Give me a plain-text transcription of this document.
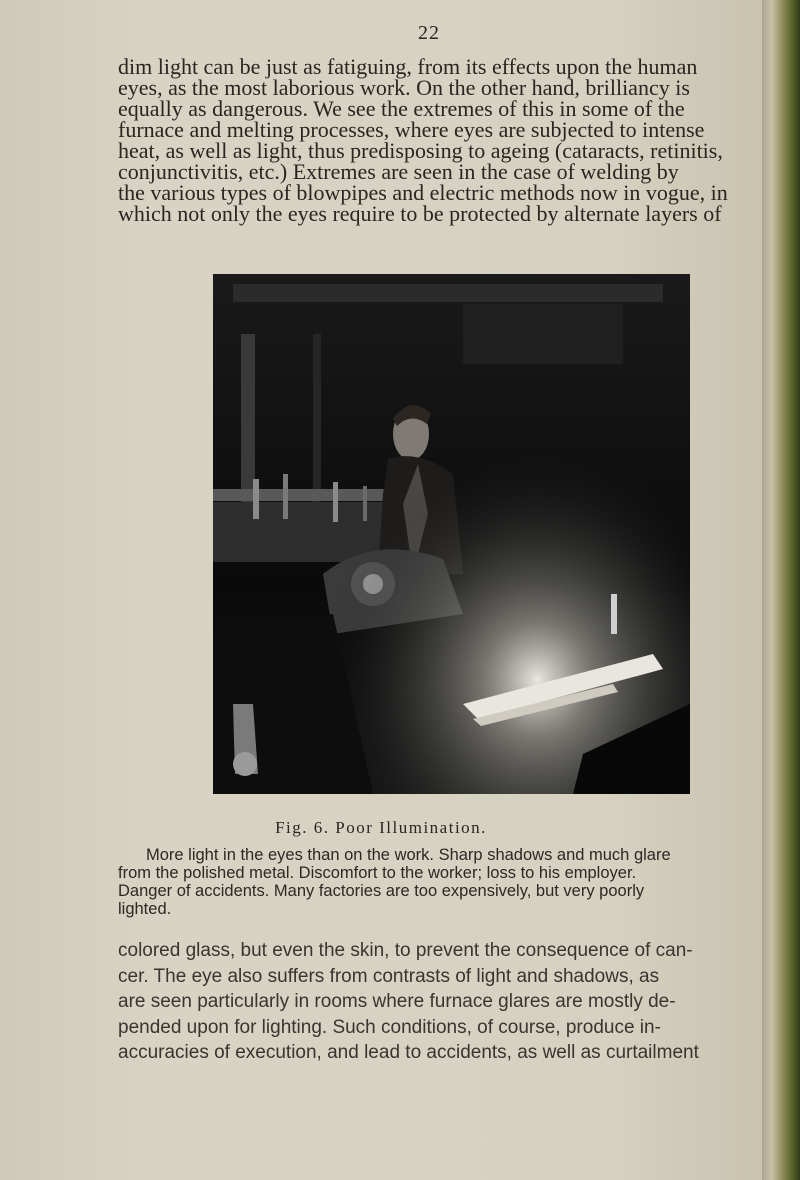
22
dim light can be just as fatiguing, from its effects upon the human
eyes, as the most laborious work. On the other hand, brilliancy is
equally as dangerous. We see the extremes of this in some of the
furnace and melting processes, where eyes are subjected to intense
heat, as well as light, thus predisposing to ageing (cataracts, retinitis,
conjunctivitis, etc.) Extremes are seen in the case of welding by
the various types of blowpipes and electric methods now in vogue, in
which not only the eyes require to be protected by alternate layers of
Fig. 6. Poor Illumination.
More light in the eyes than on the work. Sharp shadows and much glare
from the polished metal. Discomfort to the worker; loss to his employer.
Danger of accidents. Many factories are too expensively, but very poorly
lighted.
colored glass, but even the skin, to prevent the consequence of can-
cer. The eye also suffers from contrasts of light and shadows, as
are seen particularly in rooms where furnace glares are mostly de-
pended upon for lighting. Such conditions, of course, produce in-
accuracies of execution, and lead to accidents, as well as curtailment
